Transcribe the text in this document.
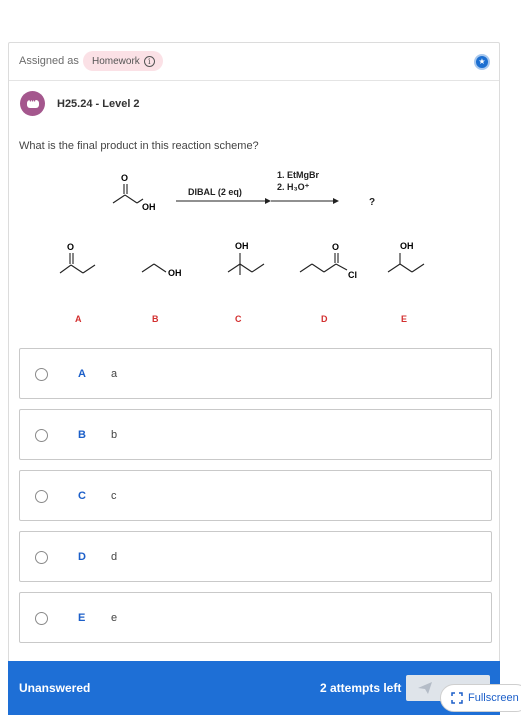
Assigned as Homework	i	★
••• H25.24 - Level 2
What is the final product in this reaction scheme?
O
OH
DIBAL (2 eq)
1. EtMgBr
2. H₃O⁺
?
O
OH
OH	O
Cl
OH
A	B	C	D	E
A a
B b
C c
D d
E e
Unanswered	2 attempts left
Fullscreen
